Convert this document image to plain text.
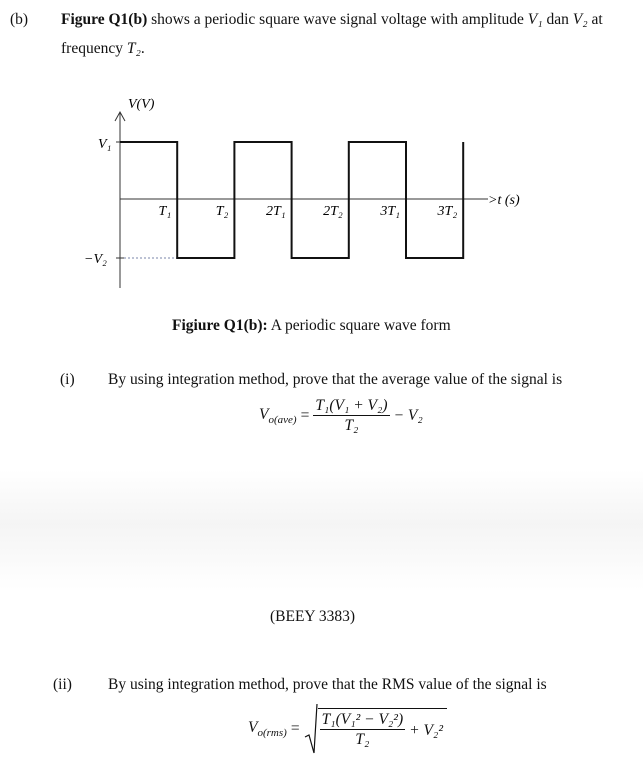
(b) Figure Q1(b) shows a periodic square wave signal voltage with amplitude V₁ dan V₂ at
frequency T₂.
V(V)
>t (s)
V₁
−V₂
T₁	T₂	2T₁	2T₂	3T₁	3T₂
Figiure Q1(b): A periodic square wave form
(i) By using integration method, prove that the average value of the signal is
$V_{o(ave)} = \frac{\text{T₁(V₁ + V₂)}}{\text{T₂}} - V_2$
(BEEY 3383)
(ii) By using integration method, prove that the RMS value of the signal is
$V_{o(rms)} = \frac{\text{T₁(V₁² − V₂²)}}{\text{T₂}} + V_2^2$
